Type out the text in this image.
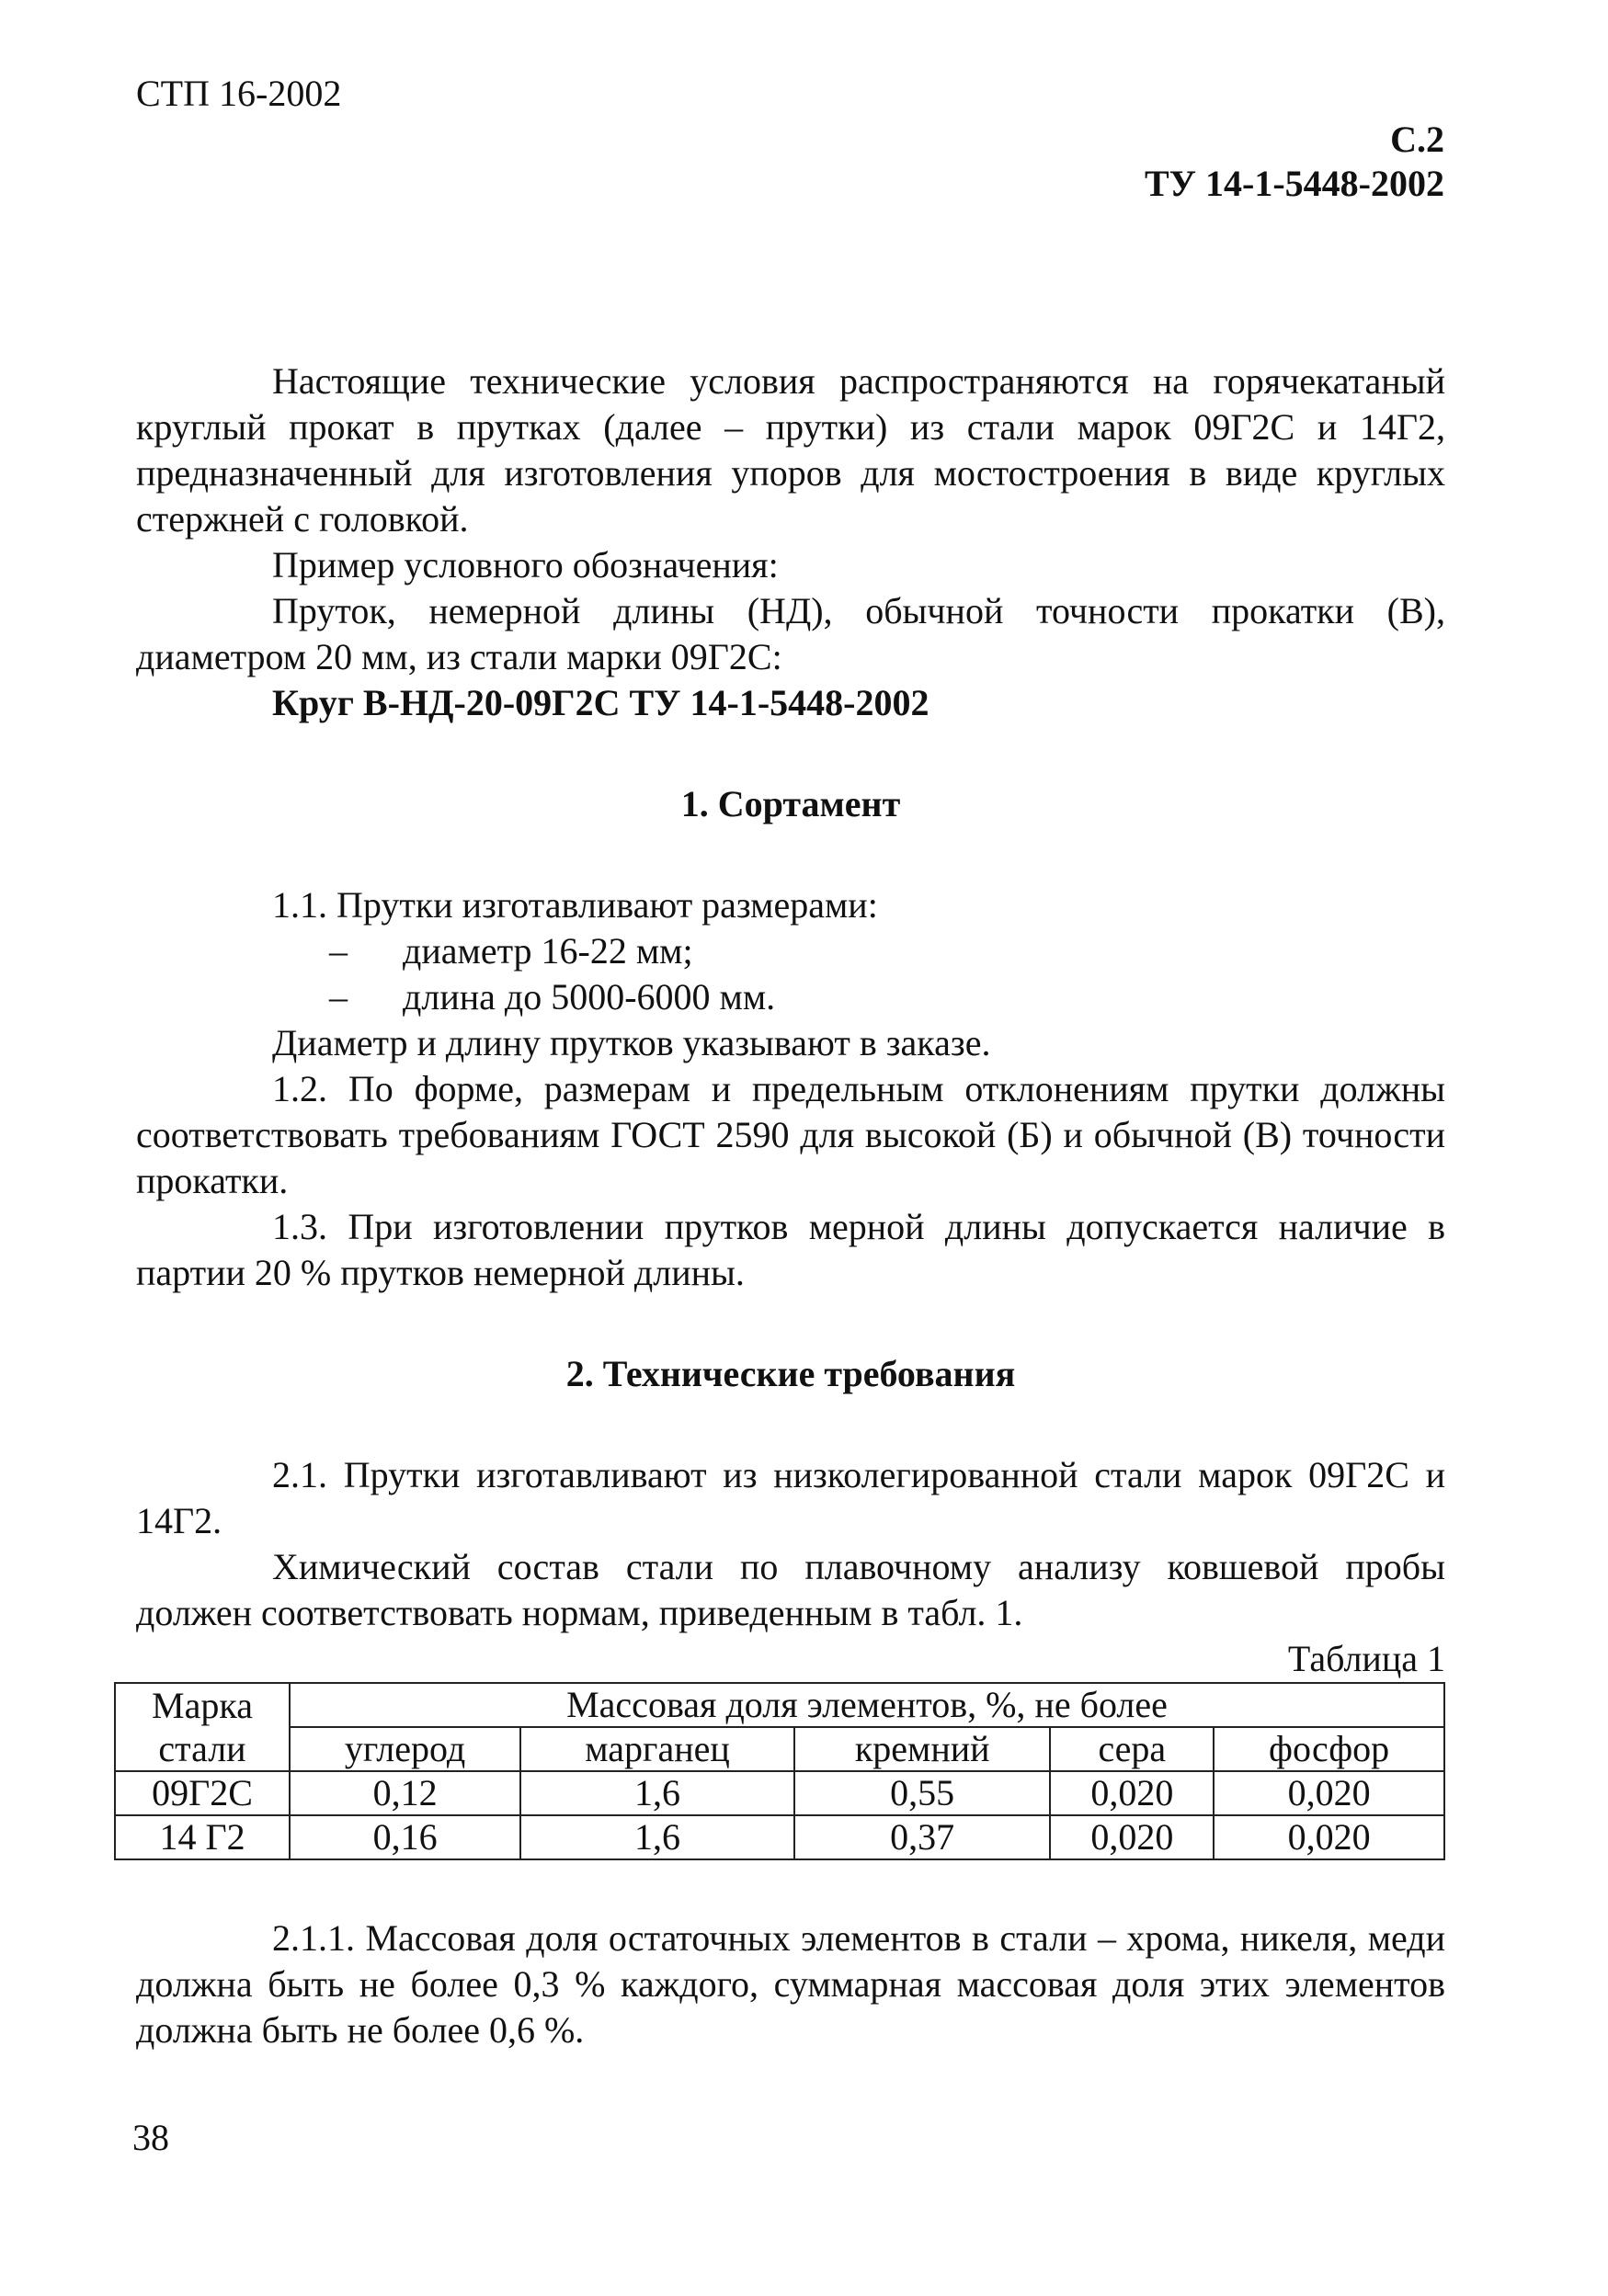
СТП 16-2002
С.2
ТУ 14-1-5448-2002

Настоящие технические условия распространяются на горячекатаный круглый прокат в прутках (далее – прутки) из стали марок 09Г2С и 14Г2, предназначенный для изготовления упоров для мостостроения в виде круглых стержней с головкой.

Пример условного обозначения:

Пруток, немерной длины (НД), обычной точности прокатки (В), диаметром 20 мм, из стали марки 09Г2С:

Круг В-НД-20-09Г2С ТУ 14-1-5448-2002

1. Сортамент

1.1. Прутки изготавливают размерами:

– диаметр 16-22 мм;

– длина до 5000-6000 мм.

Диаметр и длину прутков указывают в заказе.

1.2. По форме, размерам и предельным отклонениям прутки должны соответствовать требованиям ГОСТ 2590 для высокой (Б) и обычной (В) точности прокатки.

1.3. При изготовлении прутков мерной длины допускается наличие в партии 20 % прутков немерной длины.

2. Технические требования

2.1. Прутки изготавливают из низколегированной стали марок 09Г2С и 14Г2.

Химический состав стали по плавочному анализу ковшевой пробы должен соответствовать нормам, приведенным в табл. 1.

Таблица 1

Марка	Массовая доля элементов, %, не более				
стали	углерод	марганец	кремний	сера	фосфор
09Г2С	0,12	1,6	0,55	0,020	0,020
14 Г2	0,16	1,6	0,37	0,020	0,020

2.1.1. Массовая доля остаточных элементов в стали – хрома, никеля, меди должна быть не более 0,3 % каждого, суммарная массовая доля этих элементов должна быть не более 0,6 %.

38
